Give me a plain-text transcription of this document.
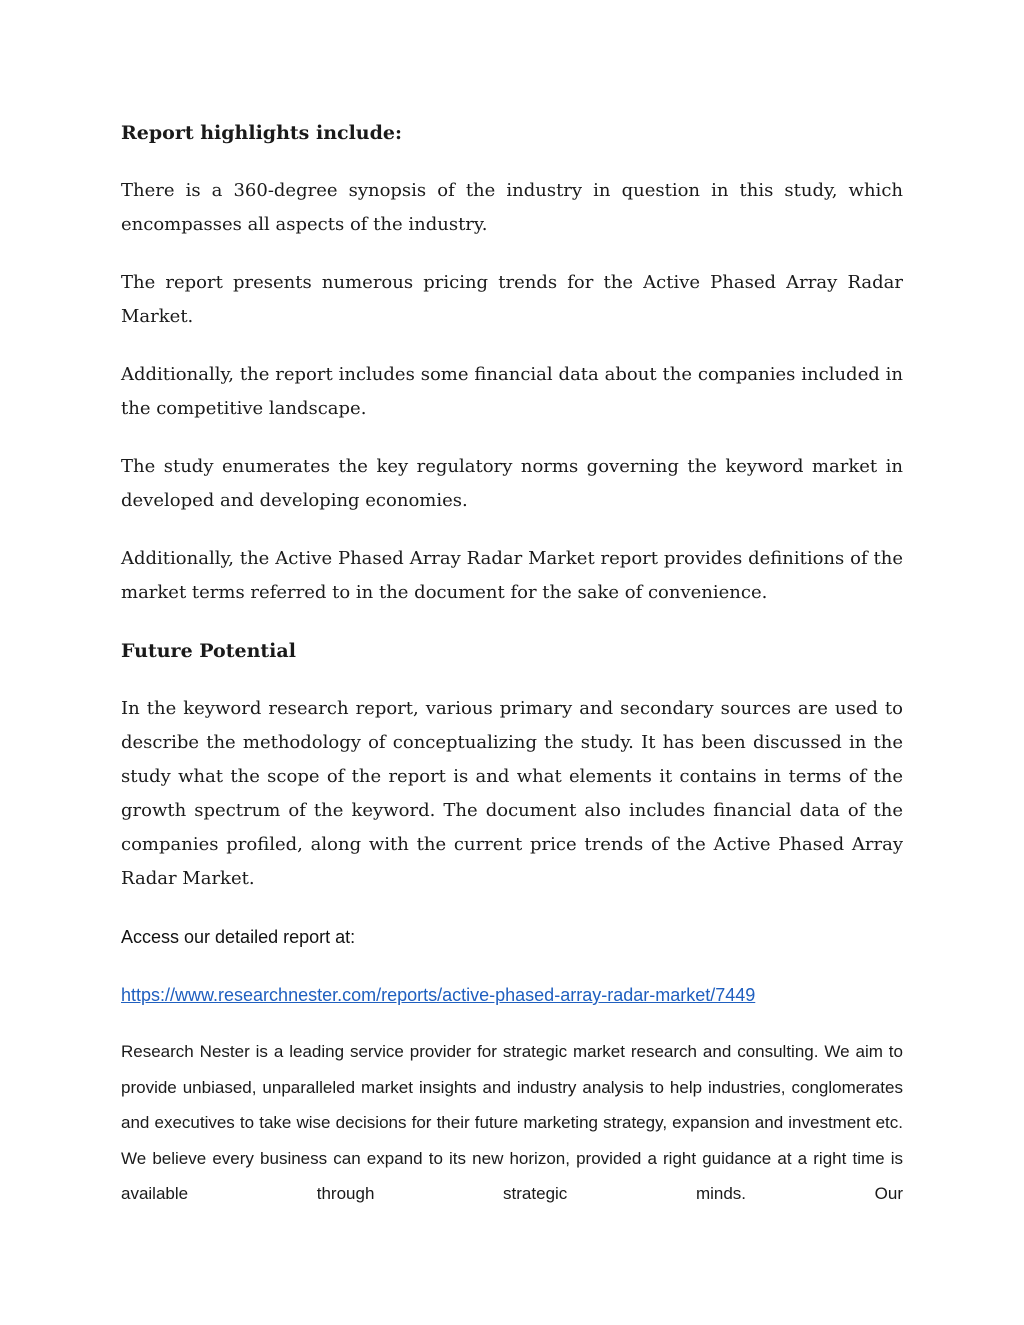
Report highlights include:

There is a 360-degree synopsis of the industry in question in this study, which encompasses all aspects of the industry.

The report presents numerous pricing trends for the Active Phased Array Radar Market.

Additionally, the report includes some financial data about the companies included in the competitive landscape.

The study enumerates the key regulatory norms governing the keyword market in developed and developing economies.

Additionally, the Active Phased Array Radar Market report provides definitions of the market terms referred to in the document for the sake of convenience.

Future Potential

In the keyword research report, various primary and secondary sources are used to describe the methodology of conceptualizing the study. It has been discussed in the study what the scope of the report is and what elements it contains in terms of the growth spectrum of the keyword. The document also includes financial data of the companies profiled, along with the current price trends of the Active Phased Array Radar Market.

Access our detailed report at:
https://www.researchnester.com/reports/active-phased-array-radar-market/7449

Research Nester is a leading service provider for strategic market research and consulting. We aim to provide unbiased, unparalleled market insights and industry analysis to help industries, conglomerates and executives to take wise decisions for their future marketing strategy, expansion and investment etc. We believe every business can expand to its new horizon, provided a right guidance at a right time is available through strategic minds. Our
